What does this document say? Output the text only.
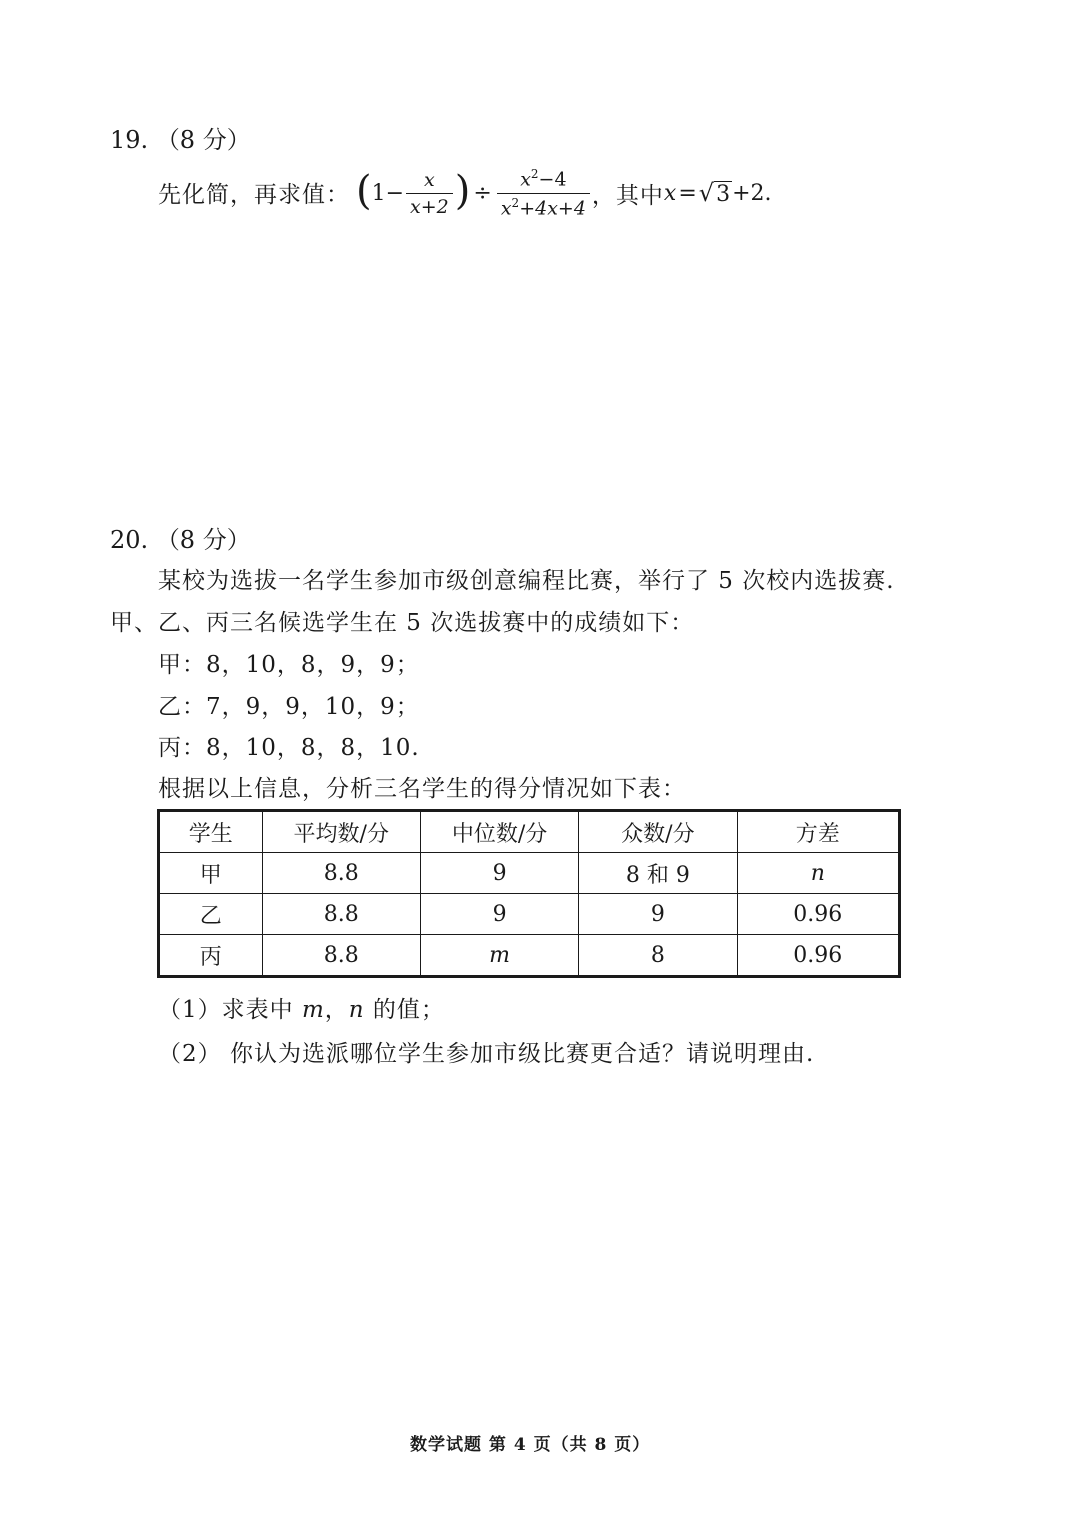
19. （8 分）
先化简，再求值： ( $1- \frac{x}{x+2}$ ) ÷ $\frac{x^2-4}{x^2+4x+4}$ ，其中 x = √ 3 +2.
20. （8 分）
某校为选拔一名学生参加市级创意编程比赛，举行了 5 次校内选拔赛.
甲、乙、丙三名候选学生在 5 次选拔赛中的成绩如下：
甲：8，10，8，9，9；
乙：7，9，9，10，9；
丙：8，10，8，8，10.
根据以上信息，分析三名学生的得分情况如下表：
学生	平均数/分	中位数/分	众数/分	方差
甲	8.8	9	8 和 9	n
乙	8.8	9	9	0.96
丙	8.8	m	8	0.96
（1）求表中 m，n 的值；
（2） 你认为选派哪位学生参加市级比赛更合适？请说明理由.
数学试题 第 4 页（共 8 页）
